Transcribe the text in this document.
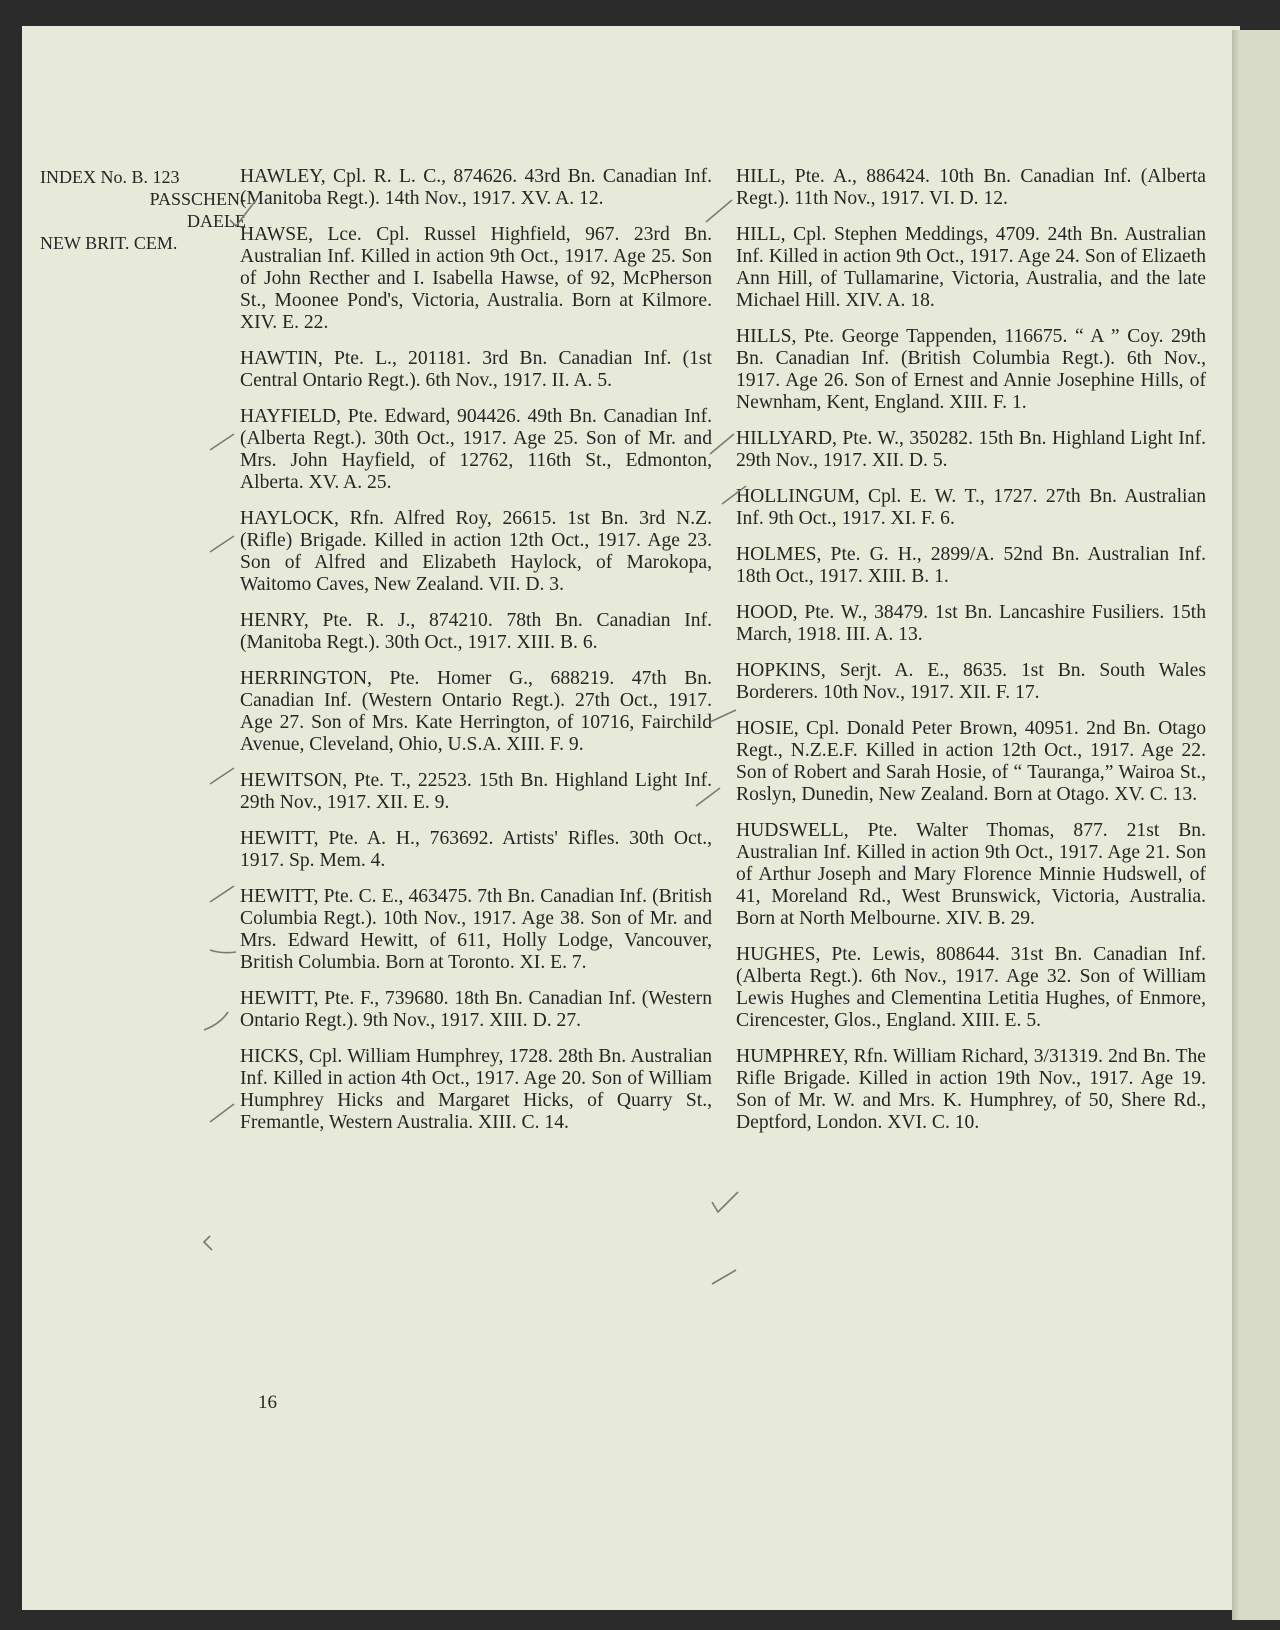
INDEX No. B. 123
PASSCHEN-
DAELE
NEW BRIT. CEM.

HAWLEY, Cpl. R. L. C., 874626. 43rd Bn. Canadian Inf. (Manitoba Regt.). 14th Nov., 1917. XV. A. 12.

HAWSE, Lce. Cpl. Russel Highfield, 967. 23rd Bn. Australian Inf. Killed in action 9th Oct., 1917. Age 25. Son of John Recther and I. Isabella Hawse, of 92, McPherson St., Moonee Pond's, Victoria, Australia. Born at Kilmore. XIV. E. 22.

HAWTIN, Pte. L., 201181. 3rd Bn. Canadian Inf. (1st Central Ontario Regt.). 6th Nov., 1917. II. A. 5.

HAYFIELD, Pte. Edward, 904426. 49th Bn. Canadian Inf. (Alberta Regt.). 30th Oct., 1917. Age 25. Son of Mr. and Mrs. John Hayfield, of 12762, 116th St., Edmonton, Alberta. XV. A. 25.

HAYLOCK, Rfn. Alfred Roy, 26615. 1st Bn. 3rd N.Z. (Rifle) Brigade. Killed in action 12th Oct., 1917. Age 23. Son of Alfred and Elizabeth Haylock, of Marokopa, Waitomo Caves, New Zealand. VII. D. 3.

HENRY, Pte. R. J., 874210. 78th Bn. Canadian Inf. (Manitoba Regt.). 30th Oct., 1917. XIII. B. 6.

HERRINGTON, Pte. Homer G., 688219. 47th Bn. Canadian Inf. (Western Ontario Regt.). 27th Oct., 1917. Age 27. Son of Mrs. Kate Herrington, of 10716, Fairchild Avenue, Cleveland, Ohio, U.S.A. XIII. F. 9.

HEWITSON, Pte. T., 22523. 15th Bn. Highland Light Inf. 29th Nov., 1917. XII. E. 9.

HEWITT, Pte. A. H., 763692. Artists' Rifles. 30th Oct., 1917. Sp. Mem. 4.

HEWITT, Pte. C. E., 463475. 7th Bn. Canadian Inf. (British Columbia Regt.). 10th Nov., 1917. Age 38. Son of Mr. and Mrs. Edward Hewitt, of 611, Holly Lodge, Vancouver, British Columbia. Born at Toronto. XI. E. 7.

HEWITT, Pte. F., 739680. 18th Bn. Canadian Inf. (Western Ontario Regt.). 9th Nov., 1917. XIII. D. 27.

HICKS, Cpl. William Humphrey, 1728. 28th Bn. Australian Inf. Killed in action 4th Oct., 1917. Age 20. Son of William Humphrey Hicks and Margaret Hicks, of Quarry St., Fremantle, Western Australia. XIII. C. 14.

HILL, Pte. A., 886424. 10th Bn. Canadian Inf. (Alberta Regt.). 11th Nov., 1917. VI. D. 12.

HILL, Cpl. Stephen Meddings, 4709. 24th Bn. Australian Inf. Killed in action 9th Oct., 1917. Age 24. Son of Elizaeth Ann Hill, of Tullamarine, Victoria, Australia, and the late Michael Hill. XIV. A. 18.

HILLS, Pte. George Tappenden, 116675. “ A ” Coy. 29th Bn. Canadian Inf. (British Columbia Regt.). 6th Nov., 1917. Age 26. Son of Ernest and Annie Josephine Hills, of Newnham, Kent, England. XIII. F. 1.

HILLYARD, Pte. W., 350282. 15th Bn. Highland Light Inf. 29th Nov., 1917. XII. D. 5.

HOLLINGUM, Cpl. E. W. T., 1727. 27th Bn. Australian Inf. 9th Oct., 1917. XI. F. 6.

HOLMES, Pte. G. H., 2899/A. 52nd Bn. Australian Inf. 18th Oct., 1917. XIII. B. 1.

HOOD, Pte. W., 38479. 1st Bn. Lancashire Fusiliers. 15th March, 1918. III. A. 13.

HOPKINS, Serjt. A. E., 8635. 1st Bn. South Wales Borderers. 10th Nov., 1917. XII. F. 17.

HOSIE, Cpl. Donald Peter Brown, 40951. 2nd Bn. Otago Regt., N.Z.E.F. Killed in action 12th Oct., 1917. Age 22. Son of Robert and Sarah Hosie, of “ Tauranga,” Wairoa St., Roslyn, Dunedin, New Zealand. Born at Otago. XV. C. 13.

HUDSWELL, Pte. Walter Thomas, 877. 21st Bn. Australian Inf. Killed in action 9th Oct., 1917. Age 21. Son of Arthur Joseph and Mary Florence Minnie Hudswell, of 41, Moreland Rd., West Brunswick, Victoria, Australia. Born at North Melbourne. XIV. B. 29.

HUGHES, Pte. Lewis, 808644. 31st Bn. Canadian Inf. (Alberta Regt.). 6th Nov., 1917. Age 32. Son of William Lewis Hughes and Clementina Letitia Hughes, of Enmore, Cirencester, Glos., England. XIII. E. 5.

HUMPHREY, Rfn. William Richard, 3/31319. 2nd Bn. The Rifle Brigade. Killed in action 19th Nov., 1917. Age 19. Son of Mr. W. and Mrs. K. Humphrey, of 50, Shere Rd., Deptford, London. XVI. C. 10.

16
